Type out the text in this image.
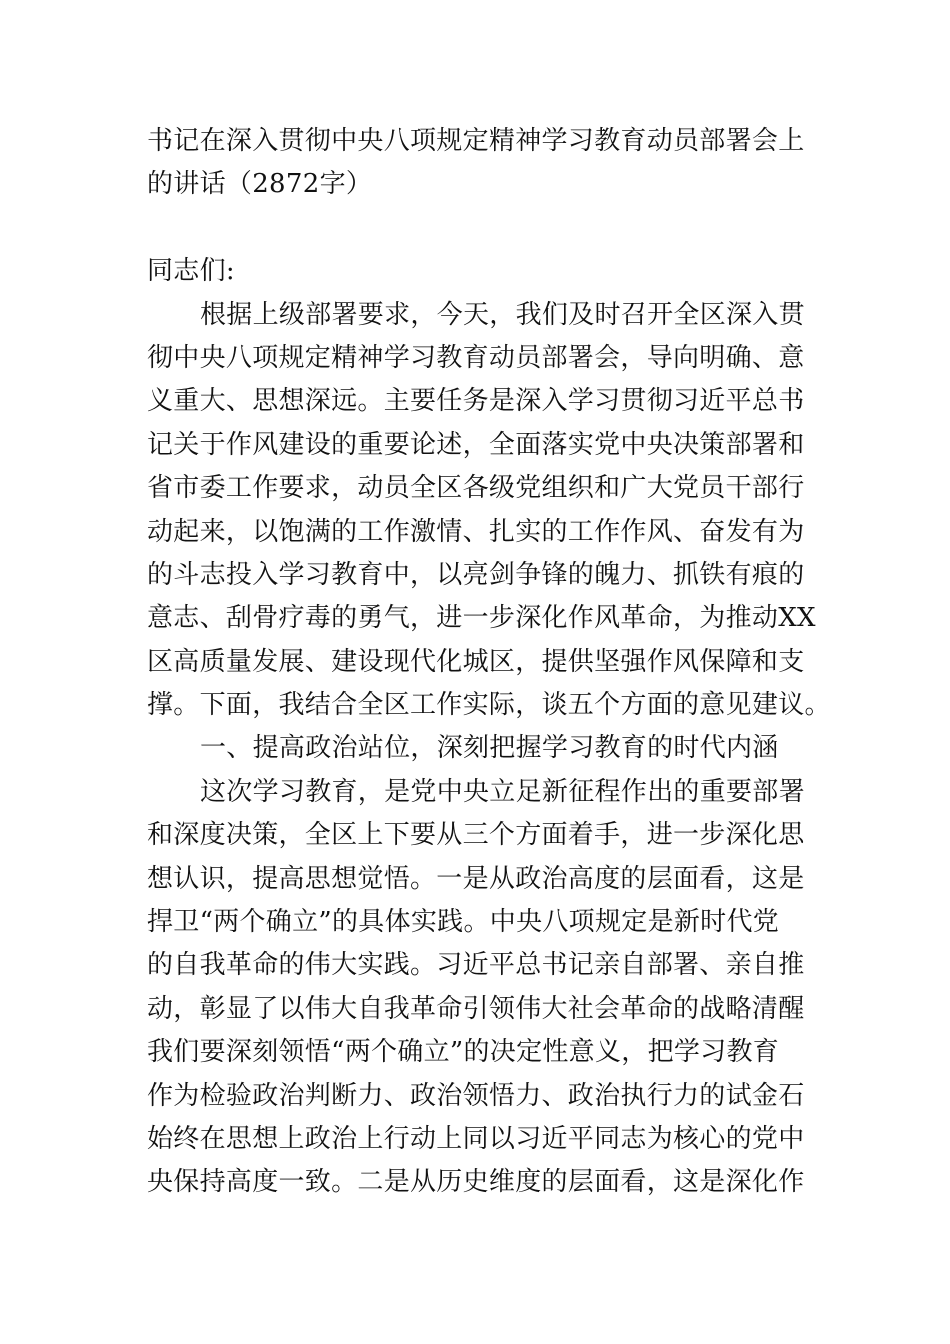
书记在深入贯彻中央八项规定精神学习教育动员部署会上
的讲话（2872字）
同志们:
根据上级部署要求，今天，我们及时召开全区深入贯
彻中央八项规定精神学习教育动员部署会，导向明确、意
义重大、思想深远。主要任务是深入学习贯彻习近平总书
记关于作风建设的重要论述，全面落实党中央决策部署和
省市委工作要求，动员全区各级党组织和广大党员干部行
动起来，以饱满的工作激情、扎实的工作作风、奋发有为
的斗志投入学习教育中，以亮剑争锋的魄力、抓铁有痕的
意志、刮骨疗毒的勇气，进一步深化作风革命，为推动XX
区高质量发展、建设现代化城区，提供坚强作风保障和支
撑。下面，我结合全区工作实际，谈五个方面的意见建议。
一、提高政治站位，深刻把握学习教育的时代内涵
这次学习教育，是党中央立足新征程作出的重要部署
和深度决策，全区上下要从三个方面着手，进一步深化思
想认识，提高思想觉悟。一是从政治高度的层面看，这是
捍卫“两个确立”的具体实践。中央八项规定是新时代党
的自我革命的伟大实践。习近平总书记亲自部署、亲自推
动，彰显了以伟大自我革命引领伟大社会革命的战略清醒
我们要深刻领悟“两个确立”的决定性意义，把学习教育
作为检验政治判断力、政治领悟力、政治执行力的试金石
始终在思想上政治上行动上同以习近平同志为核心的党中
央保持高度一致。二是从历史维度的层面看，这是深化作
